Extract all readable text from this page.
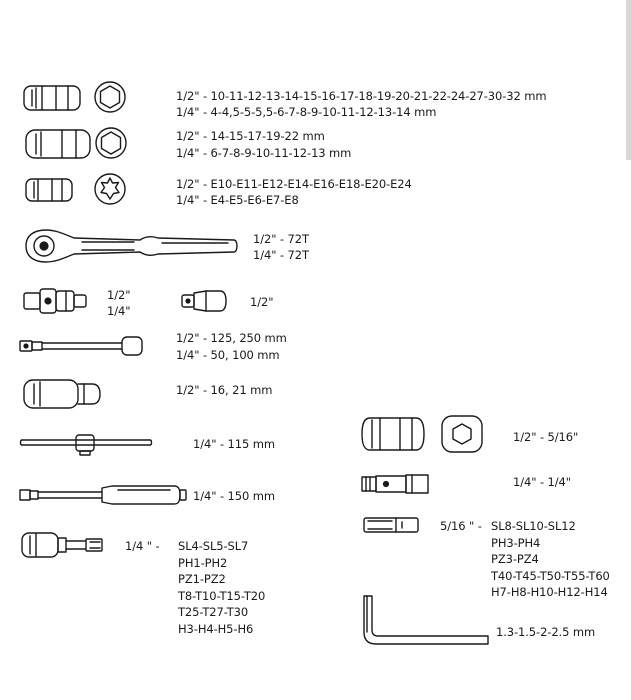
1/2" - 10-11-12-13-14-15-16-17-18-19-20-21-22-24-27-30-32 mm
1/4" - 4-4,5-5-5,5-6-7-8-9-10-11-12-13-14 mm
1/2" - 14-15-17-19-22 mm
1/4" - 6-7-8-9-10-11-12-13 mm
1/2" - E10-E11-E12-E14-E16-E18-E20-E24
1/4" - E4-E5-E6-E7-E8
1/2" - 72T
1/4" - 72T
1/2"
1/4"
1/2"
1/2" - 125, 250 mm
1/4" - 50, 100 mm
1/2" - 16, 21 mm
1/4" - 115 mm
1/4" - 150 mm
1/4 " - SL4-SL5-SL7
PH1-PH2
PZ1-PZ2
T8-T10-T15-T20
T25-T27-T30
H3-H4-H5-H6
1/2" - 5/16"
1/4" - 1/4"
5/16 " - SL8-SL10-SL12
PH3-PH4
PZ3-PZ4
T40-T45-T50-T55-T60
H7-H8-H10-H12-H14
1.3-1.5-2-2.5 mm
